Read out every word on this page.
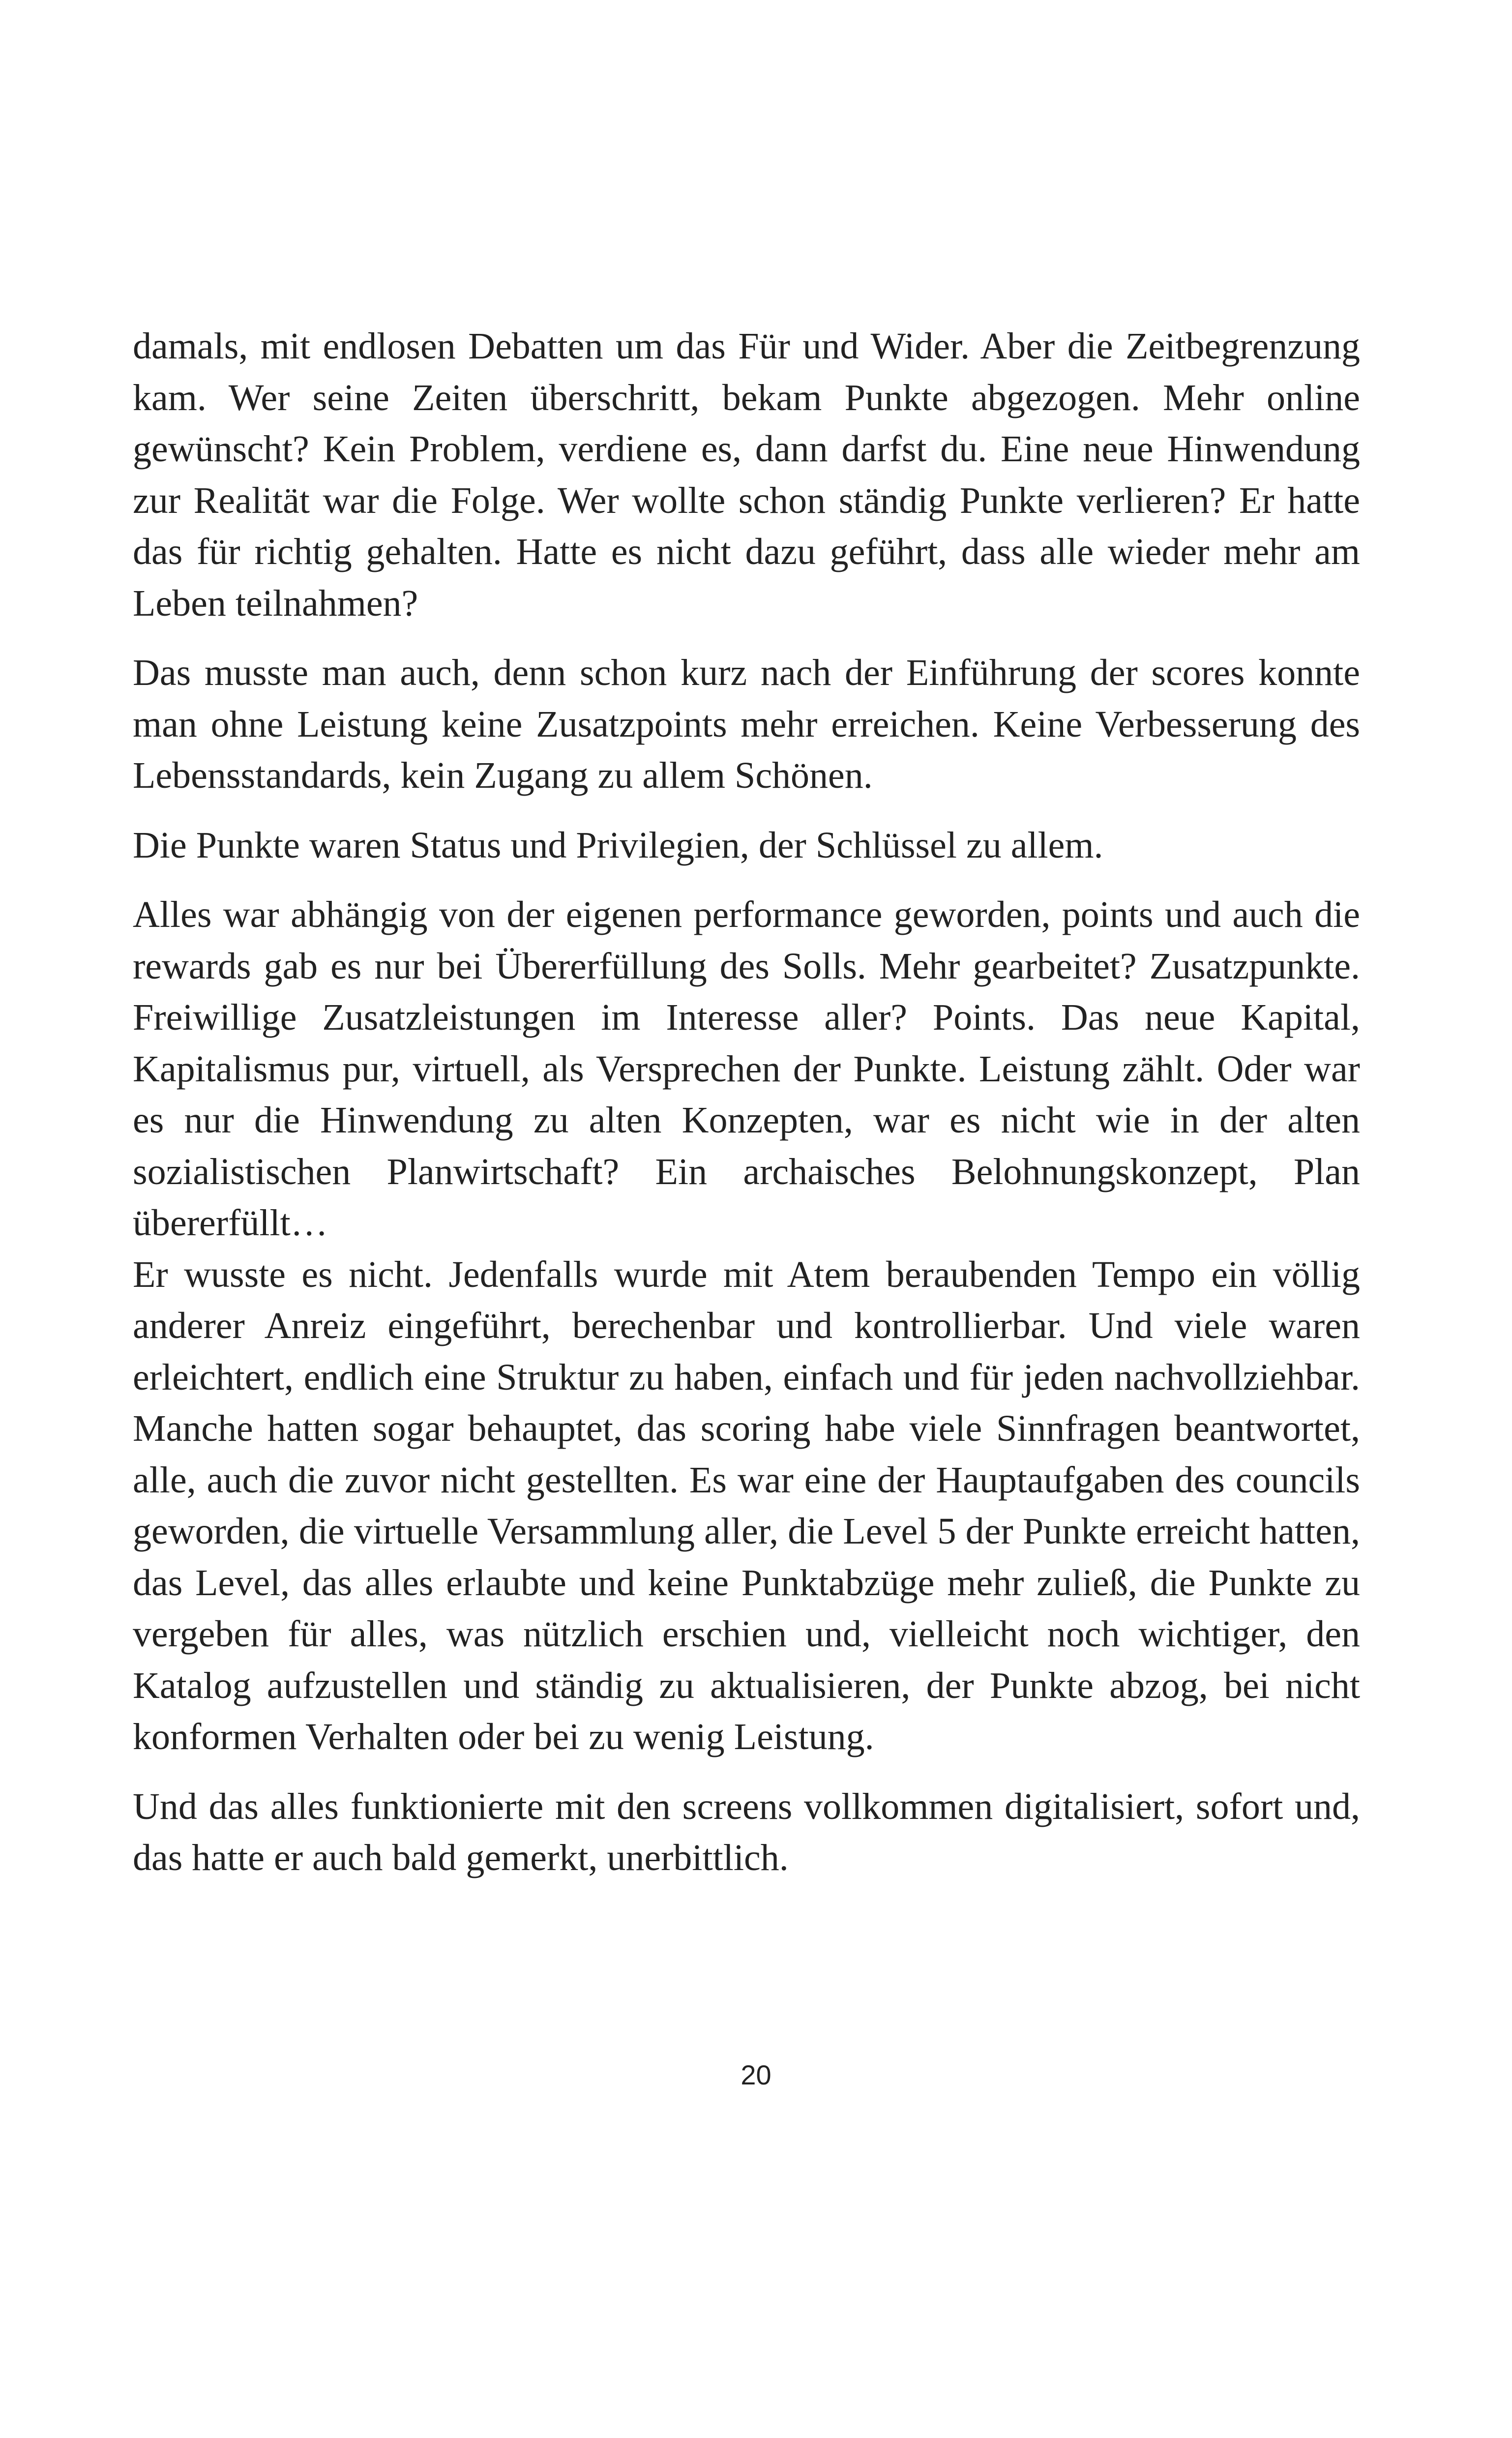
damals, mit endlosen Debatten um das Für und Wider. Aber die Zeitbegrenzung kam. Wer seine Zeiten überschritt, bekam Punkte abgezogen. Mehr online gewünscht? Kein Problem, verdiene es, dann darfst du. Eine neue Hinwendung zur Realität war die Folge. Wer wollte schon ständig Punkte verlieren? Er hatte das für richtig gehalten. Hatte es nicht dazu geführt, dass alle wieder mehr am Leben teilnahmen?

Das musste man auch, denn schon kurz nach der Einführung der scores konnte man ohne Leistung keine Zusatzpoints mehr erreichen. Keine Verbesserung des Lebensstandards, kein Zugang zu allem Schönen.

Die Punkte waren Status und Privilegien, der Schlüssel zu allem.

Alles war abhängig von der eigenen performance geworden, points und auch die rewards gab es nur bei Übererfüllung des Solls. Mehr gearbeitet? Zusatzpunkte. Freiwillige Zusatzleistungen im Interesse aller? Points. Das neue Kapital, Kapitalismus pur, virtuell, als Versprechen der Punkte. Leistung zählt. Oder war es nur die Hinwendung zu alten Konzepten, war es nicht wie in der alten sozialistischen Planwirtschaft? Ein archaisches Belohnungskonzept, Plan übererfüllt…

Er wusste es nicht. Jedenfalls wurde mit Atem beraubenden Tempo ein völlig anderer Anreiz eingeführt, berechenbar und kontrollierbar. Und viele waren erleichtert, endlich eine Struktur zu haben, einfach und für jeden nachvollziehbar. Manche hatten sogar behauptet, das scoring habe viele Sinnfragen beantwortet, alle, auch die zuvor nicht gestellten. Es war eine der Hauptaufgaben des councils geworden, die virtuelle Versammlung aller, die Level 5 der Punkte erreicht hatten, das Level, das alles erlaubte und keine Punktabzüge mehr zuließ, die Punkte zu vergeben für alles, was nützlich erschien und, vielleicht noch wichtiger, den Katalog aufzustellen und ständig zu aktualisieren, der Punkte abzog, bei nicht konformen Verhalten oder bei zu wenig Leistung.

Und das alles funktionierte mit den screens vollkommen digitalisiert, sofort und, das hatte er auch bald gemerkt, unerbittlich.

20
